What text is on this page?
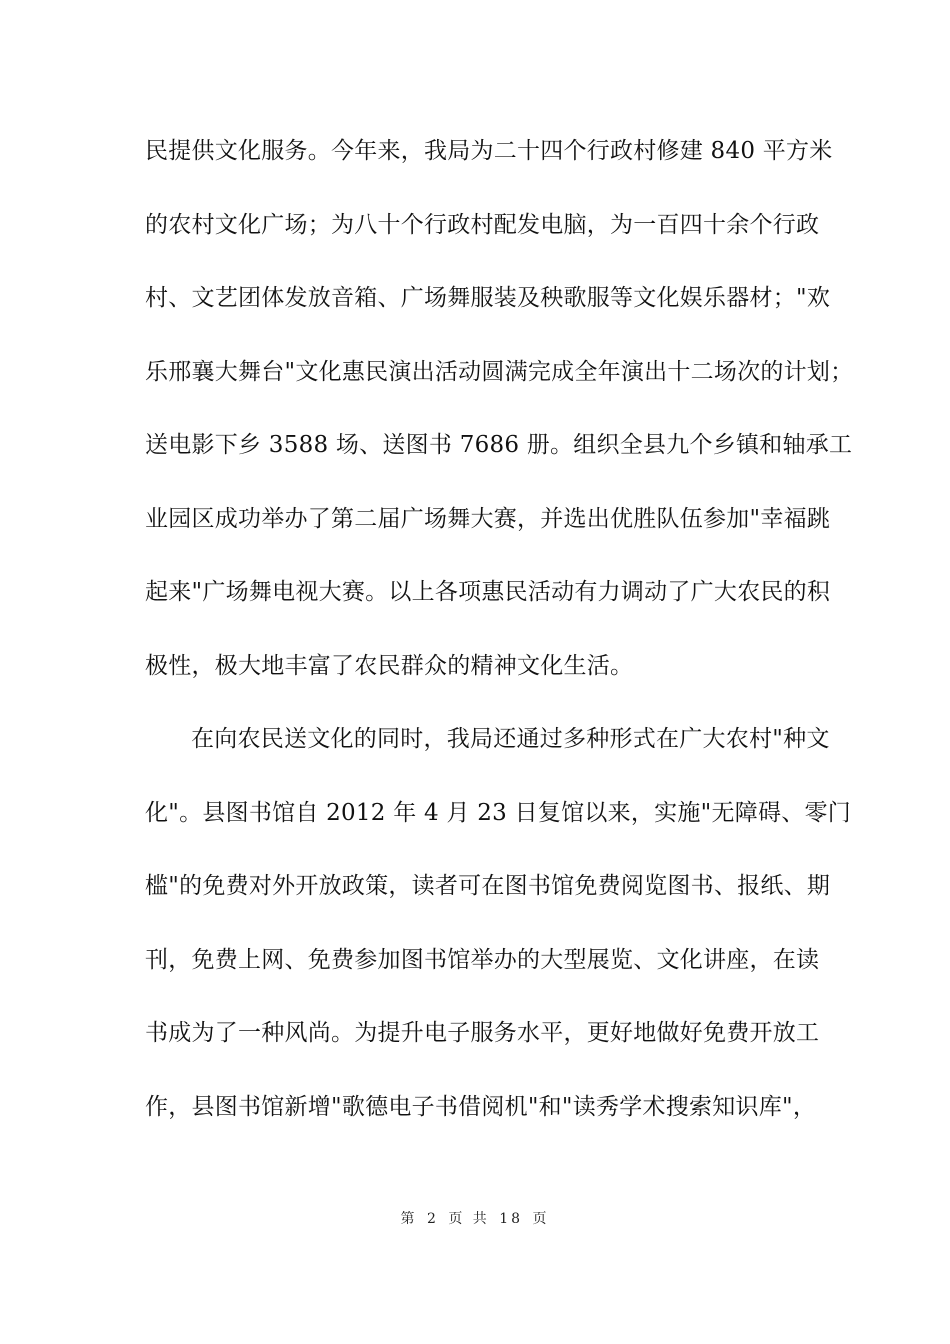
民提供文化服务。今年来，我局为二十四个行政村修建 840 平方米
的农村文化广场；为八十个行政村配发电脑，为一百四十余个行政
村、文艺团体发放音箱、广场舞服装及秧歌服等文化娱乐器材；"欢
乐邢襄大舞台"文化惠民演出活动圆满完成全年演出十二场次的计划；
送电影下乡 3588 场、送图书 7686 册。组织全县九个乡镇和轴承工
业园区成功举办了第二届广场舞大赛，并选出优胜队伍参加"幸福跳
起来"广场舞电视大赛。以上各项惠民活动有力调动了广大农民的积
极性，极大地丰富了农民群众的精神文化生活。
在向农民送文化的同时，我局还通过多种形式在广大农村"种文
化"。县图书馆自 2012 年 4 月 23 日复馆以来，实施"无障碍、零门
槛"的免费对外开放政策，读者可在图书馆免费阅览图书、报纸、期
刊，免费上网、免费参加图书馆举办的大型展览、文化讲座，在读
书成为了一种风尚。为提升电子服务水平，更好地做好免费开放工
作，县图书馆新增"歌德电子书借阅机"和"读秀学术搜索知识库"，
第 2 页 共 18 页
